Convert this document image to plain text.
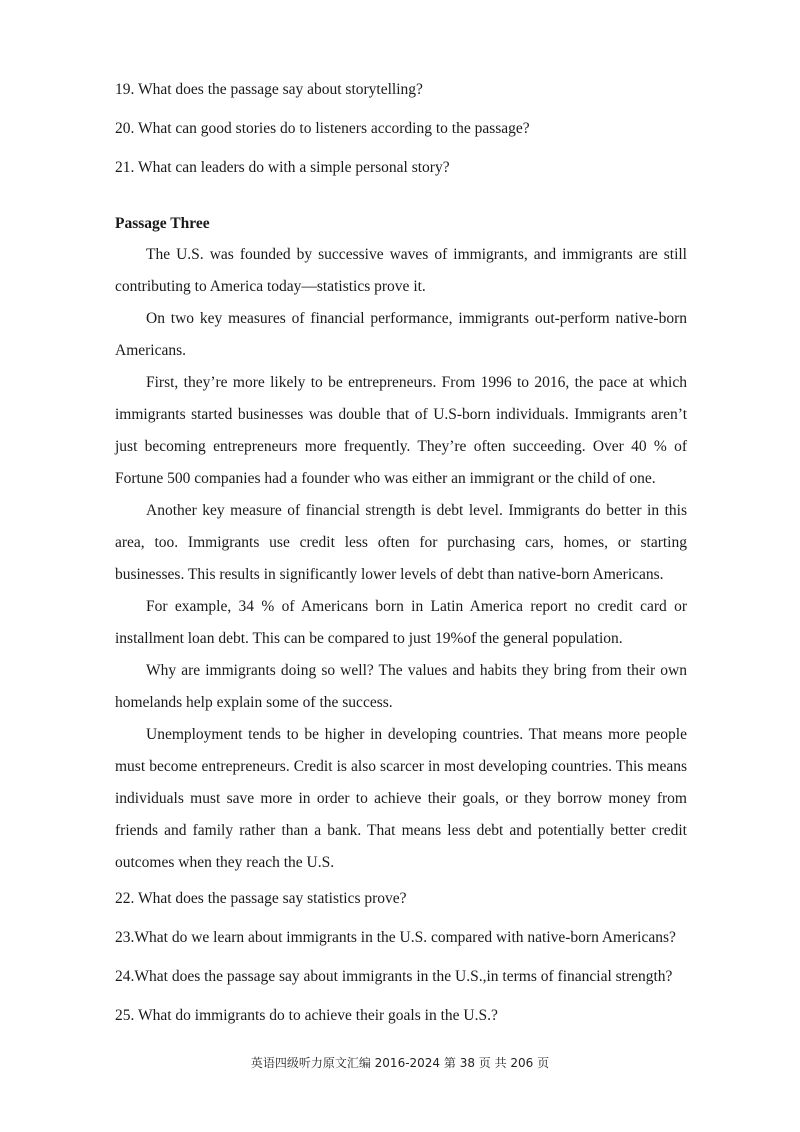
19. What does the passage say about storytelling?

20. What can good stories do to listeners according to the passage?

21. What can leaders do with a simple personal story?

Passage Three

The U.S. was founded by successive waves of immigrants, and immigrants are still contributing to America today—statistics prove it.

On two key measures of financial performance, immigrants out-perform native-born Americans.

First, they’re more likely to be entrepreneurs. From 1996 to 2016, the pace at which immigrants started businesses was double that of U.S-born individuals. Immigrants aren’t just becoming entrepreneurs more frequently. They’re often succeeding. Over 40 % of Fortune 500 companies had a founder who was either an immigrant or the child of one.

Another key measure of financial strength is debt level. Immigrants do better in this area, too. Immigrants use credit less often for purchasing cars, homes, or starting businesses. This results in significantly lower levels of debt than native-born Americans.

For example, 34 % of Americans born in Latin America report no credit card or installment loan debt. This can be compared to just 19%of the general population.

Why are immigrants doing so well? The values and habits they bring from their own homelands help explain some of the success.

Unemployment tends to be higher in developing countries. That means more people must become entrepreneurs. Credit is also scarcer in most developing countries. This means individuals must save more in order to achieve their goals, or they borrow money from friends and family rather than a bank. That means less debt and potentially better credit outcomes when they reach the U.S.

22. What does the passage say statistics prove?

23.What do we learn about immigrants in the U.S. compared with native-born Americans?

24.What does the passage say about immigrants in the U.S.,in terms of financial strength?

25. What do immigrants do to achieve their goals in the U.S.?

英语四级听力原文汇编 2016-2024 第 38 页 共 206 页
